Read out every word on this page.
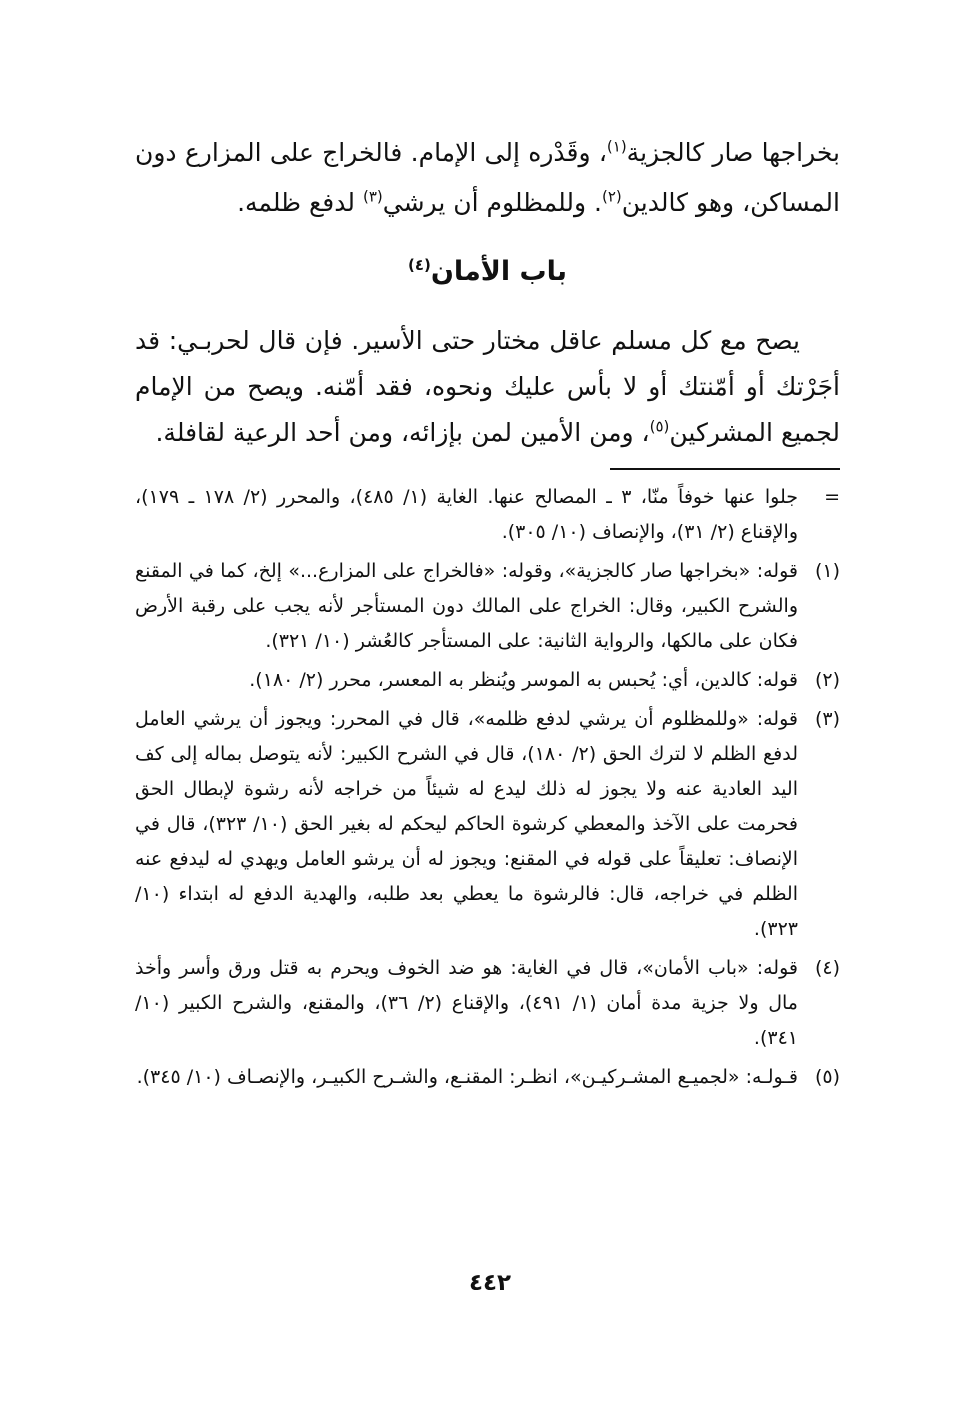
بخراجها صار كالجزية$^{(١)}$، وقَدْره إلى الإمام. فالخراج على المزارع دون المساكن، وهو كالدين$^{(٢)}$. وللمظلوم أن يرشي$^{(٣)}$ لدفع ظلمه.

باب الأمان$^{(٤)}$

يصح مع كل مسلم عاقل مختار حتى الأسير. فإن قال لحربـي: قد أجَرْتك أو أمّنتك أو لا بأس عليك ونحوه، فقد أمّنه. ويصح من الإمام لجميع المشركين$^{(٥)}$، ومن الأمين لمن بإزائه، ومن أحد الرعية لقافلة.

=
جلوا عنها خوفاً منّا، ٣ ـ المصالح عنها. الغاية (١/ ٤٨٥)، والمحرر (٢/ ١٧٨ ـ ١٧٩)، والإقناع (٢/ ٣١)، والإنصاف (١٠/ ٣٠٥).
(١)
قوله: «بخراجها صار كالجزية»، وقوله: «فالخراج على المزارع...» إلخ، كما في المقنع والشرح الكبير، وقال: الخراج على المالك دون المستأجر لأنه يجب على رقبة الأرض فكان على مالكها، والرواية الثانية: على المستأجر كالعُشر (١٠/ ٣٢١).
(٢)
قوله: كالدين، أي: يُحبس به الموسر ويُنظر به المعسر، محرر (٢/ ١٨٠).
(٣)
قوله: «وللمظلوم أن يرشي لدفع ظلمه»، قال في المحرر: ويجوز أن يرشي العامل لدفع الظلم لا لترك الحق (٢/ ١٨٠)، قال في الشرح الكبير: لأنه يتوصل بماله إلى كف اليد العادية عنه ولا يجوز له ذلك ليدع له شيئاً من خراجه لأنه رشوة لإبطال الحق فحرمت على الآخذ والمعطي كرشوة الحاكم ليحكم له بغير الحق (١٠/ ٣٢٣)، قال في الإنصاف: تعليقاً على قوله في المقنع: ويجوز له أن يرشو العامل ويهدي له ليدفع عنه الظلم في خراجه، قال: فالرشوة ما يعطي بعد طلبه، والهدية الدفع له ابتداء (١٠/ ٣٢٣).
(٤)
قوله: «باب الأمان»، قال في الغاية: هو ضد الخوف ويحرم به قتل ورق وأسر وأخذ مال ولا جزية مدة أمان (١/ ٤٩١)، والإقناع (٢/ ٣٦)، والمقنع، والشرح الكبير (١٠/ ٣٤١).
(٥)
قـولـه: «لجميـع المشـركيـن»، انظـر: المقنـع، والشـرح الكبيـر، والإنصـاف (١٠/ ٣٤٥).
٤٤٢
